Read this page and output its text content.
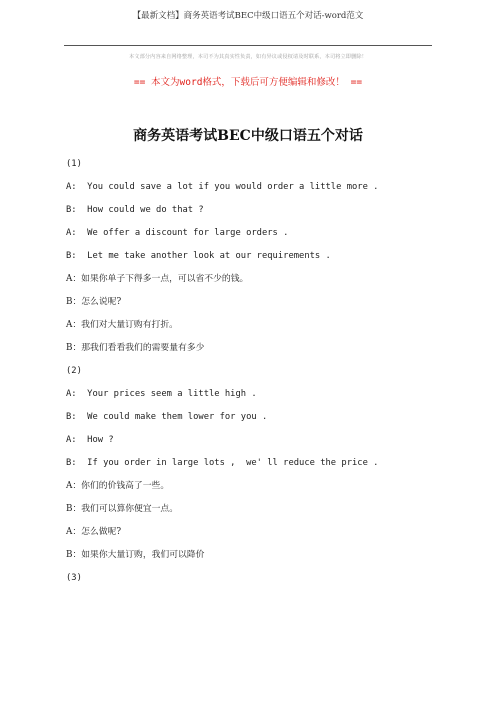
【最新文档】商务英语考试BEC中级口语五个对话-word范文
本文部分内容来自网络整理，本司不为其真实性负责，如有异议或侵权请及时联系，本司将立即删除！
== 本文为word格式，下载后可方便编辑和修改！ ==
商务英语考试BEC中级口语五个对话
(1)
A:  You could save a lot if you would order a little more .
B:  How could we do that ?
A:  We offer a discount for large orders .
B:  Let me take another look at our requirements .
A：如果你单子下得多一点，可以省不少的钱。
B：怎么说呢?
A：我们对大量订购有打折。
B：那我们看看我们的需要量有多少
(2)
A:  Your prices seem a little high .
B:  We could make them lower for you .
A:  How ?
B:  If you order in large lots ,  we' ll reduce the price .
A：你们的价钱高了一些。
B：我们可以算你便宜一点。
A：怎么做呢?
B：如果你大量订购，我们可以降价
(3)
